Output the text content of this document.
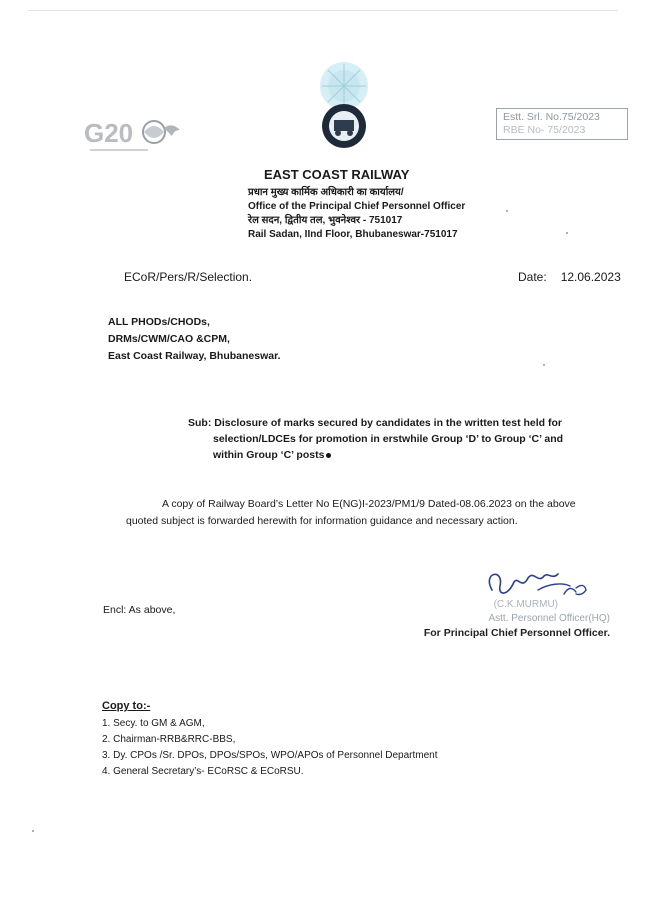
G20
Estt. Srl. No.75/2023
RBE No- 75/2023
EAST COAST RAILWAY
प्रधान मुख्य कार्मिक अधिकारी का कार्यालय/
Office of the Principal Chief Personnel Officer
रेल सदन, द्वितीय तल, भुवनेश्वर - 751017
Rail Sadan, IInd Floor, Bhubaneswar-751017
ECoR/Pers/R/Selection.	Date: 12.06.2023
ALL PHODs/CHODs,
DRMs/CWM/CAO &CPM,
East Coast Railway, Bhubaneswar.
Sub: Disclosure of marks secured by candidates in the written test held for
selection/LDCEs for promotion in erstwhile Group ‘D’ to Group ‘C’ and
within Group ‘C’ posts
A copy of Railway Board’s Letter No E(NG)I-2023/PM1/9 Dated-08.06.2023 on the above
quoted subject is forwarded herewith for information guidance and necessary action.
Encl: As above,	(C.K.MURMU)
Astt. Personnel Officer(HQ)
For Principal Chief Personnel Officer.
Copy to:-
1. Secy. to GM & AGM,
2. Chairman-RRB&RRC-BBS,
3. Dy. CPOs /Sr. DPOs, DPOs/SPOs, WPO/APOs of Personnel Department
4. General Secretary’s- ECoRSC & ECoRSU.
